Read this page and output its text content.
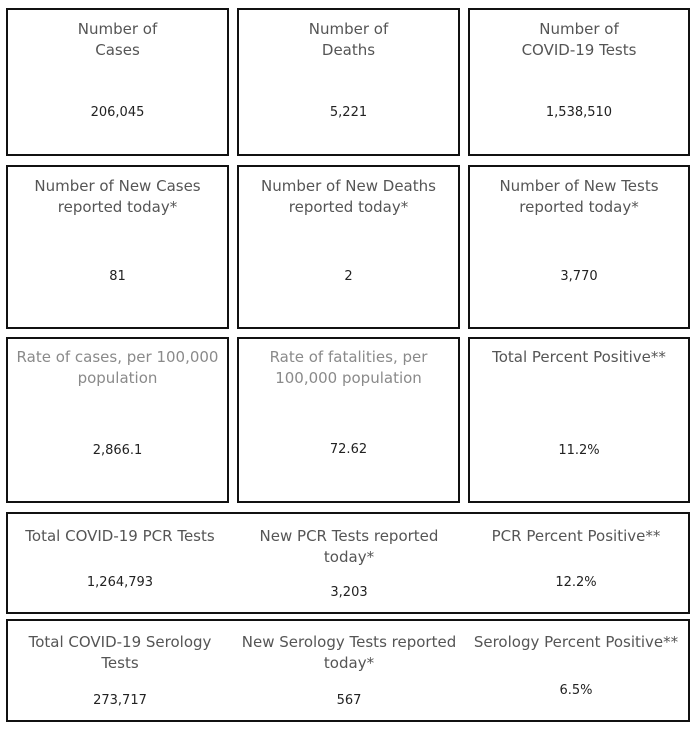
Number of
Cases
206,045
Number of
Deaths
5,221
Number of
COVID-19 Tests
1,538,510
Number of New Cases
reported today*
81
Number of New Deaths
reported today*
2
Number of New Tests
reported today*
3,770
Rate of cases, per 100,000
population
2,866.1
Rate of fatalities, per
100,000 population
72.62
Total Percent Positive**
11.2%
Total COVID-19 PCR Tests
1,264,793
New PCR Tests reported
today*
3,203
PCR Percent Positive**
12.2%
Total COVID-19 Serology
Tests
273,717
New Serology Tests reported
today*
567
Serology Percent Positive**
6.5%
